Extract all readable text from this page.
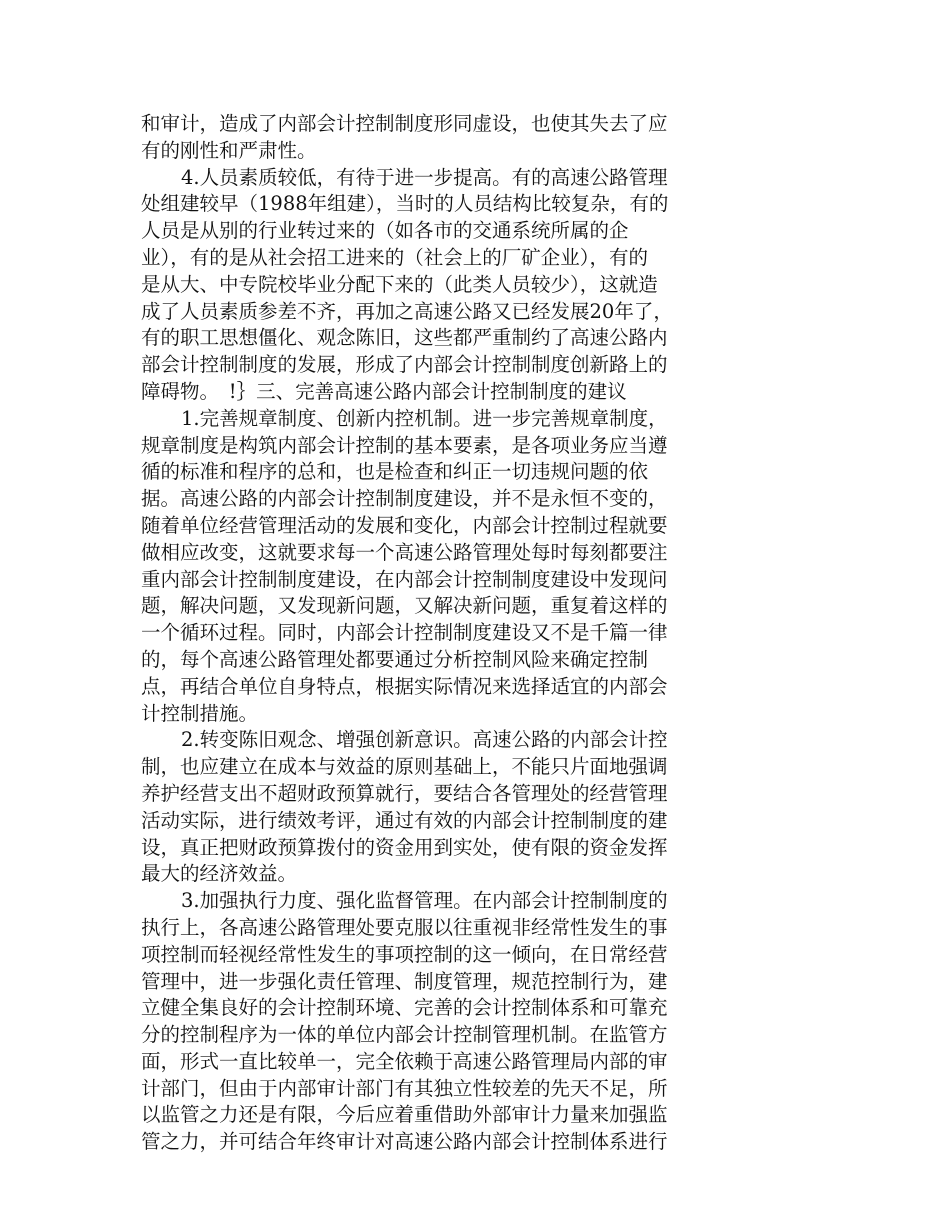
和审计，造成了内部会计控制制度形同虚设，也使其失去了应
有的刚性和严肃性。
4.人员素质较低，有待于进一步提高。有的高速公路管理
处组建较早（1988年组建），当时的人员结构比较复杂，有的
人员是从别的行业转过来的（如各市的交通系统所属的企
业），有的是从社会招工进来的（社会上的厂矿企业），有的
是从大、中专院校毕业分配下来的（此类人员较少），这就造
成了人员素质参差不齐，再加之高速公路又已经发展20年了，
有的职工思想僵化、观念陈旧，这些都严重制约了高速公路内
部会计控制制度的发展，形成了内部会计控制制度创新路上的
障碍物。　!｝三、完善高速公路内部会计控制制度的建议
1.完善规章制度、创新内控机制。进一步完善规章制度，
规章制度是构筑内部会计控制的基本要素，是各项业务应当遵
循的标准和程序的总和，也是检查和纠正一切违规问题的依
据。高速公路的内部会计控制制度建设，并不是永恒不变的，
随着单位经营管理活动的发展和变化，内部会计控制过程就要
做相应改变，这就要求每一个高速公路管理处每时每刻都要注
重内部会计控制制度建设，在内部会计控制制度建设中发现问
题，解决问题，又发现新问题，又解决新问题，重复着这样的
一个循环过程。同时，内部会计控制制度建设又不是千篇一律
的，每个高速公路管理处都要通过分析控制风险来确定控制
点，再结合单位自身特点，根据实际情况来选择适宜的内部会
计控制措施。
2.转变陈旧观念、增强创新意识。高速公路的内部会计控
制，也应建立在成本与效益的原则基础上，不能只片面地强调
养护经营支出不超财政预算就行，要结合各管理处的经营管理
活动实际，进行绩效考评，通过有效的内部会计控制制度的建
设，真正把财政预算拨付的资金用到实处，使有限的资金发挥
最大的经济效益。
3.加强执行力度、强化监督管理。在内部会计控制制度的
执行上，各高速公路管理处要克服以往重视非经常性发生的事
项控制而轻视经常性发生的事项控制的这一倾向，在日常经营
管理中，进一步强化责任管理、制度管理，规范控制行为，建
立健全集良好的会计控制环境、完善的会计控制体系和可靠充
分的控制程序为一体的单位内部会计控制管理机制。在监管方
面，形式一直比较单一，完全依赖于高速公路管理局内部的审
计部门，但由于内部审计部门有其独立性较差的先天不足，所
以监管之力还是有限，今后应着重借助外部审计力量来加强监
管之力，并可结合年终审计对高速公路内部会计控制体系进行
